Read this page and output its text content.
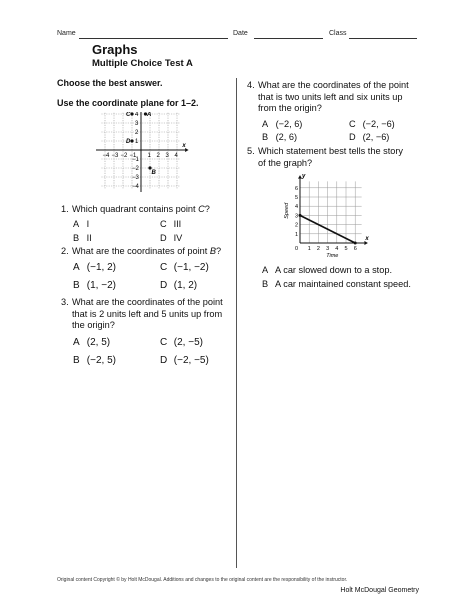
Name	Date	Class
Graphs
Multiple Choice Test A
Choose the best answer.
Use the coordinate plane for 1–2.
x
−4 −3 −2 −1 1 2 3 4
4
3
2
1
−1
−2
−3
−4
C	A
D
B
1. Which quadrant contains point C?
A I	C III
B II	D IV
2. What are the coordinates of point B?
A (−1, 2)	C (−1, −2)
B (1, −2)	D (1, 2)
3. What are the coordinates of the point
that is 2 units left and 5 units up from
the origin?
A (2, 5)	C (2, −5)
B (−2, 5)	D (−2, −5)
4. What are the coordinates of the point
that is two units left and six units up
from the origin?
A (−2, 6)	C (−2, −6)
B (2, 6)	D (2, −6)
5. Which statement best tells the story
of the graph?
x
y
Time
Speed
1 2 3 4 5 6
1
2
3
4
5
6
0
A A car slowed down to a stop.
B A car maintained constant speed.
Original content Copyright © by Holt McDougal. Additions and changes to the original content are the responsibility of the instructor.
Holt McDougal Geometry
